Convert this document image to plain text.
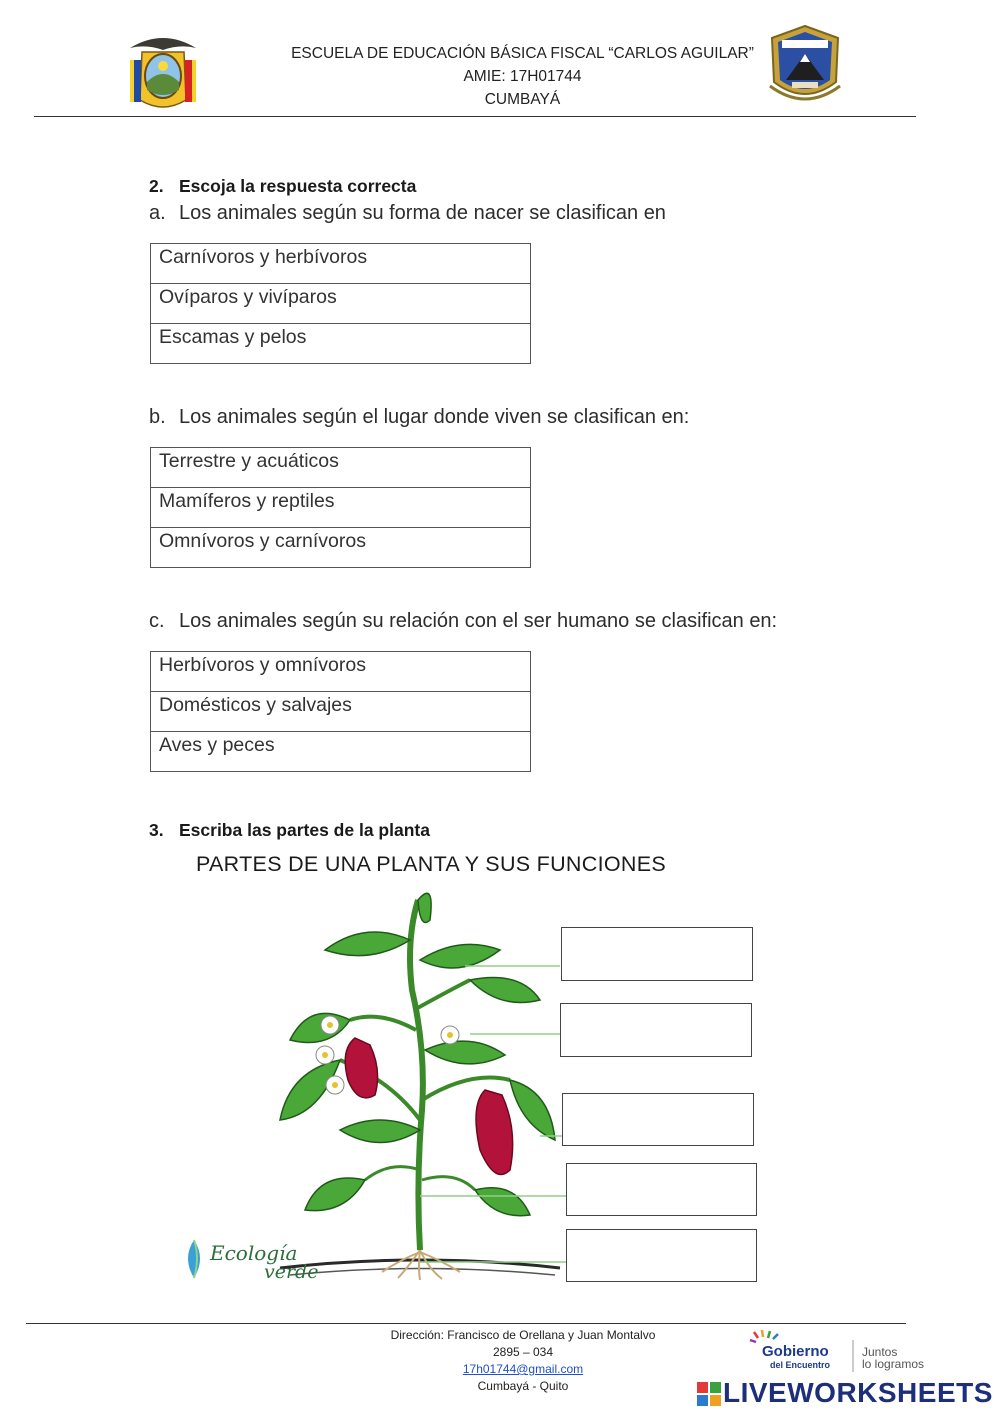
ESCUELA DE EDUCACIÓN BÁSICA FISCAL “CARLOS AGUILAR”
AMIE: 17H01744
CUMBAYÁ
2. Escoja la respuesta correcta
a. Los animales según su forma de nacer se clasifican en
Carnívoros y herbívoros
Ovíparos y vivíparos
Escamas y pelos
b. Los animales según el lugar donde viven se clasifican en:
Terrestre y acuáticos
Mamíferos y reptiles
Omnívoros y carnívoros
c. Los animales según su relación con el ser humano se clasifican en:
Herbívoros y omnívoros
Domésticos y salvajes
Aves y peces
3. Escriba las partes de la planta
PARTES DE UNA PLANTA Y SUS FUNCIONES
Ecología
verde
Dirección: Francisco de Orellana y Juan Montalvo
2895 – 034
17h01744@gmail.com
Cumbayá - Quito
Gobierno
del Encuentro
Juntos
lo logramos
LIVEWORKSHEETS
